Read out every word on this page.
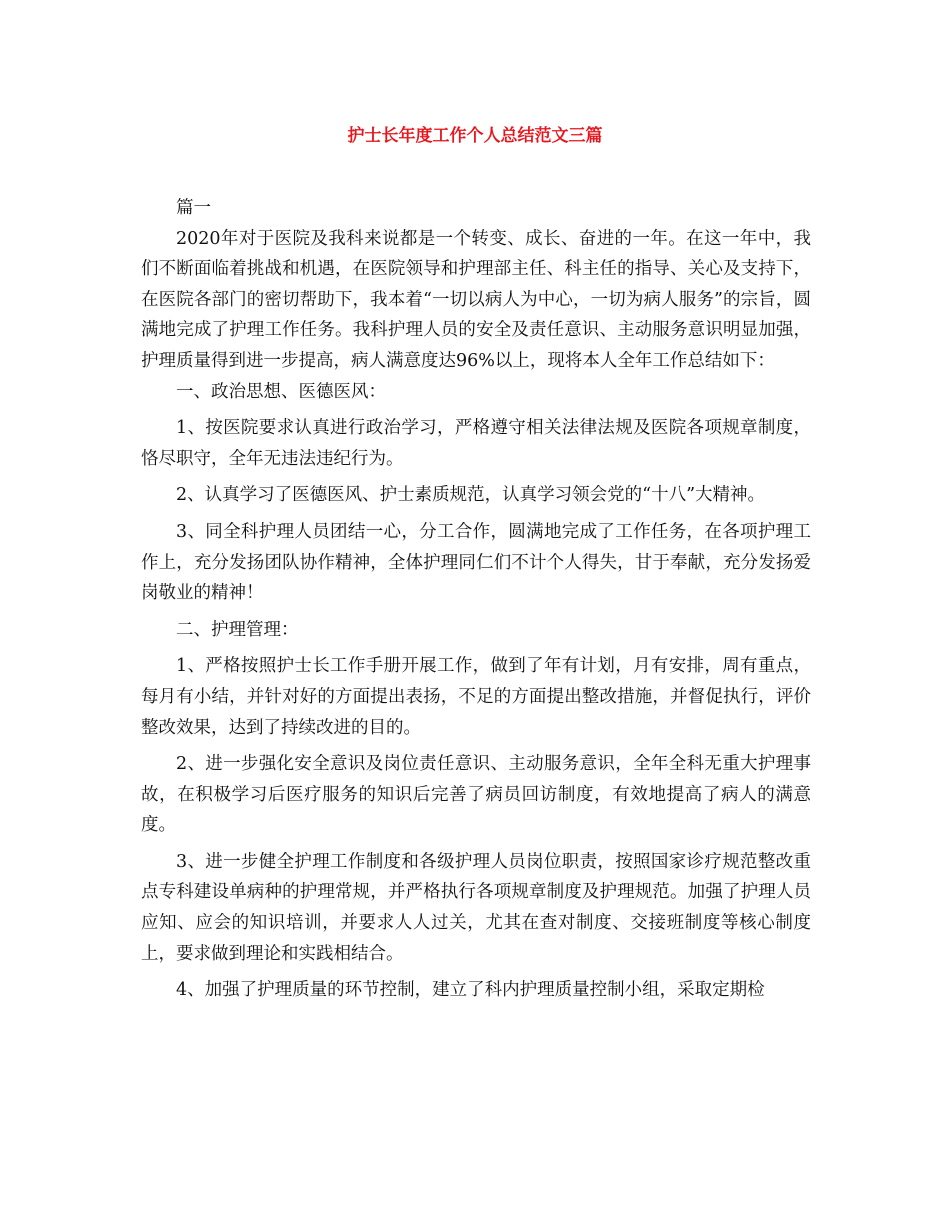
护士长年度工作个人总结范文三篇

篇一

2020年对于医院及我科来说都是一个转变、成长、奋进的一年。在这一年中，我们不断面临着挑战和机遇，在医院领导和护理部主任、科主任的指导、关心及支持下，在医院各部门的密切帮助下，我本着“一切以病人为中心，一切为病人服务”的宗旨，圆满地完成了护理工作任务。我科护理人员的安全及责任意识、主动服务意识明显加强，护理质量得到进一步提高，病人满意度达96%以上，现将本人全年工作总结如下：

一、政治思想、医德医风：

1、按医院要求认真进行政治学习，严格遵守相关法律法规及医院各项规章制度，恪尽职守，全年无违法违纪行为。

2、认真学习了医德医风、护士素质规范，认真学习领会党的“十八”大精神。

3、同全科护理人员团结一心，分工合作，圆满地完成了工作任务，在各项护理工作上，充分发扬团队协作精神，全体护理同仁们不计个人得失，甘于奉献，充分发扬爱岗敬业的精神！

二、护理管理：

1、严格按照护士长工作手册开展工作，做到了年有计划，月有安排，周有重点，每月有小结，并针对好的方面提出表扬，不足的方面提出整改措施，并督促执行，评价整改效果，达到了持续改进的目的。

2、进一步强化安全意识及岗位责任意识、主动服务意识，全年全科无重大护理事故，在积极学习后医疗服务的知识后完善了病员回访制度，有效地提高了病人的满意度。

3、进一步健全护理工作制度和各级护理人员岗位职责，按照国家诊疗规范整改重点专科建设单病种的护理常规，并严格执行各项规章制度及护理规范。加强了护理人员应知、应会的知识培训，并要求人人过关，尤其在查对制度、交接班制度等核心制度上，要求做到理论和实践相结合。

4、加强了护理质量的环节控制，建立了科内护理质量控制小组，采取定期检
